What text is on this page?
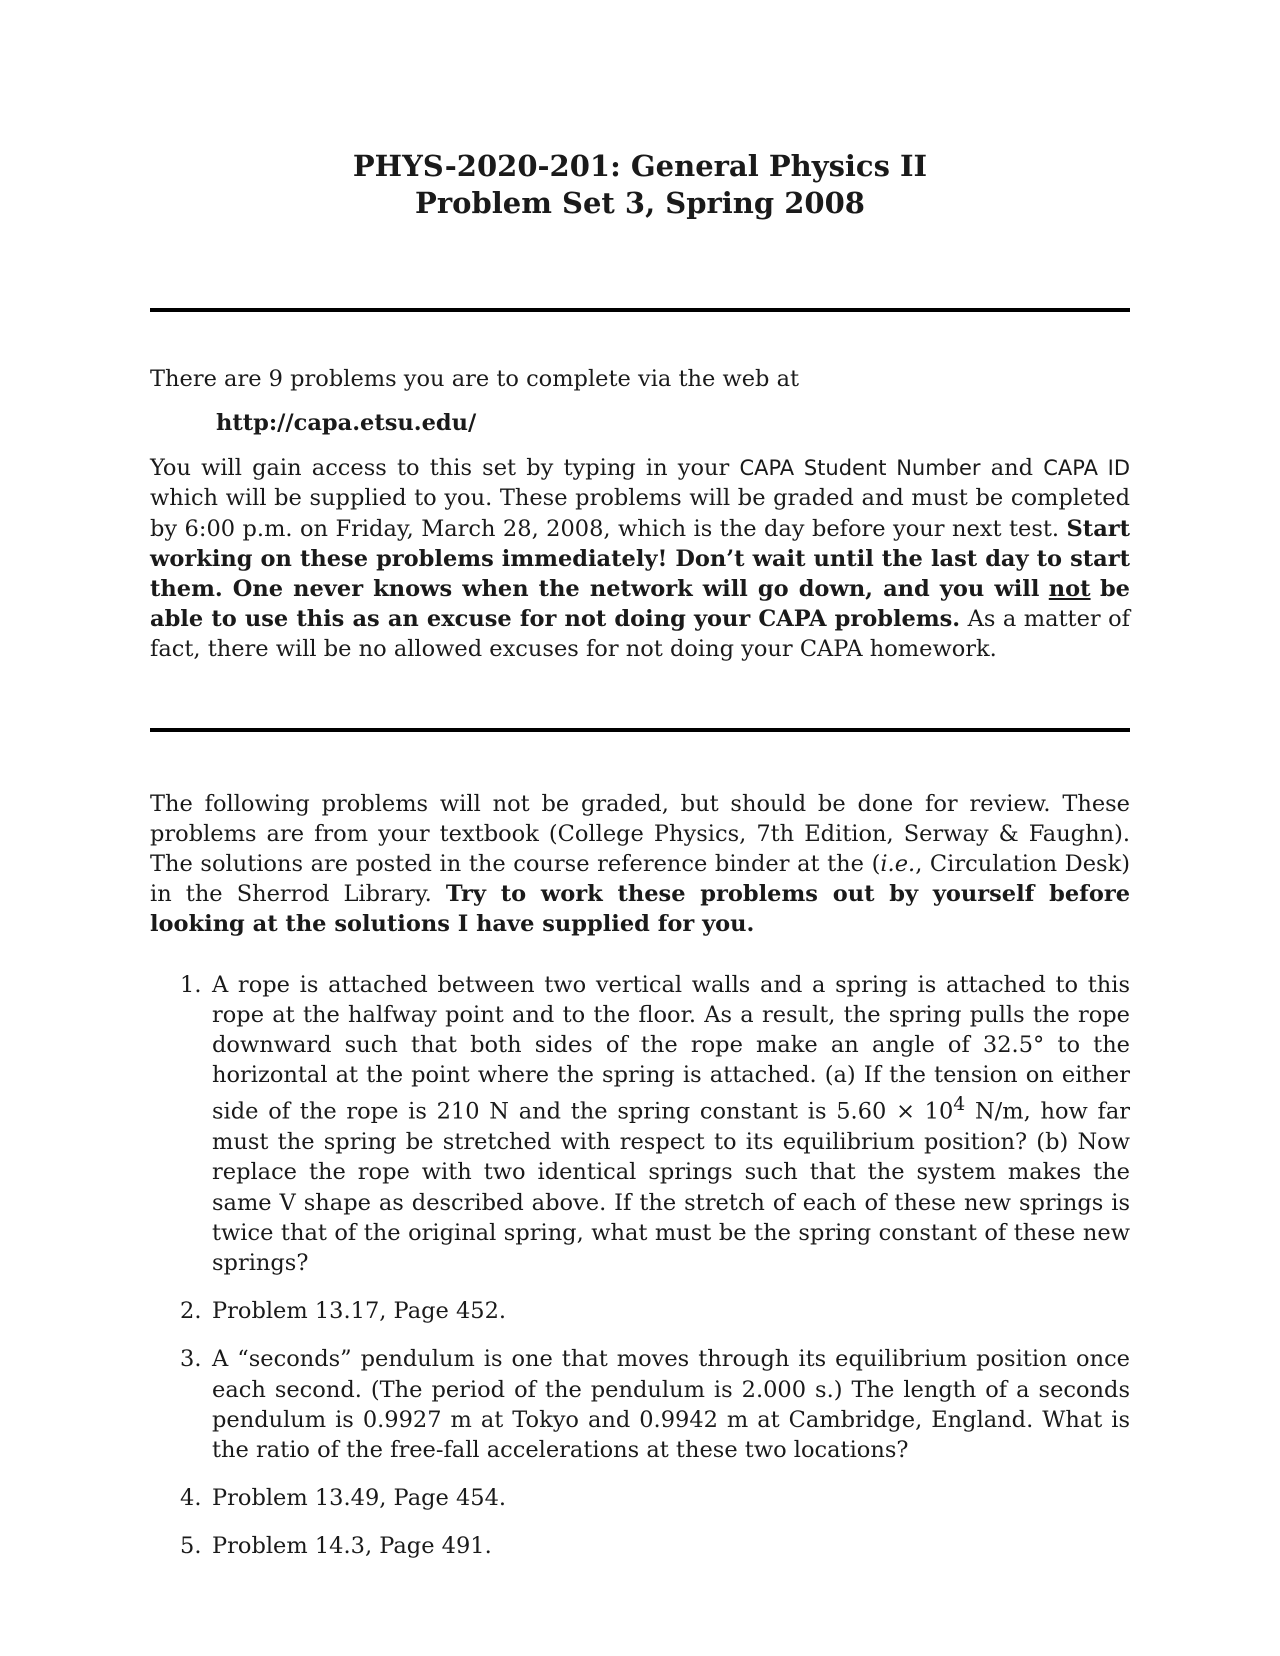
PHYS-2020-201: General Physics II
Problem Set 3, Spring 2008

There are 9 problems you are to complete via the web at

http://capa.etsu.edu/

You will gain access to this set by typing in your CAPA Student Number and CAPA ID which will be supplied to you. These problems will be graded and must be completed by 6:00 p.m. on Friday, March 28, 2008, which is the day before your next test. Start working on these problems immediately! Don’t wait until the last day to start them. One never knows when the network will go down, and you will not be able to use this as an excuse for not doing your CAPA problems. As a matter of fact, there will be no allowed excuses for not doing your CAPA homework.

The following problems will not be graded, but should be done for review. These problems are from your textbook (College Physics, 7th Edition, Serway & Faughn). The solutions are posted in the course reference binder at the (i.e., Circulation Desk) in the Sherrod Library. Try to work these problems out by yourself before looking at the solutions I have supplied for you.

1. A rope is attached between two vertical walls and a spring is attached to this rope at the halfway point and to the floor. As a result, the spring pulls the rope downward such that both sides of the rope make an angle of 32.5° to the horizontal at the point where the spring is attached. (a) If the tension on either side of the rope is 210 N and the spring constant is $5.60 \times 10^4$ N/m, how far must the spring be stretched with respect to its equilibrium position? (b) Now replace the rope with two identical springs such that the system makes the same V shape as described above. If the stretch of each of these new springs is twice that of the original spring, what must be the spring constant of these new springs?
2. Problem 13.17, Page 452.
3. A “seconds” pendulum is one that moves through its equilibrium position once each second. (The period of the pendulum is 2.000 s.) The length of a seconds pendulum is 0.9927 m at Tokyo and 0.9942 m at Cambridge, England. What is the ratio of the free-fall accelerations at these two locations?
4. Problem 13.49, Page 454.
5. Problem 14.3, Page 491.
